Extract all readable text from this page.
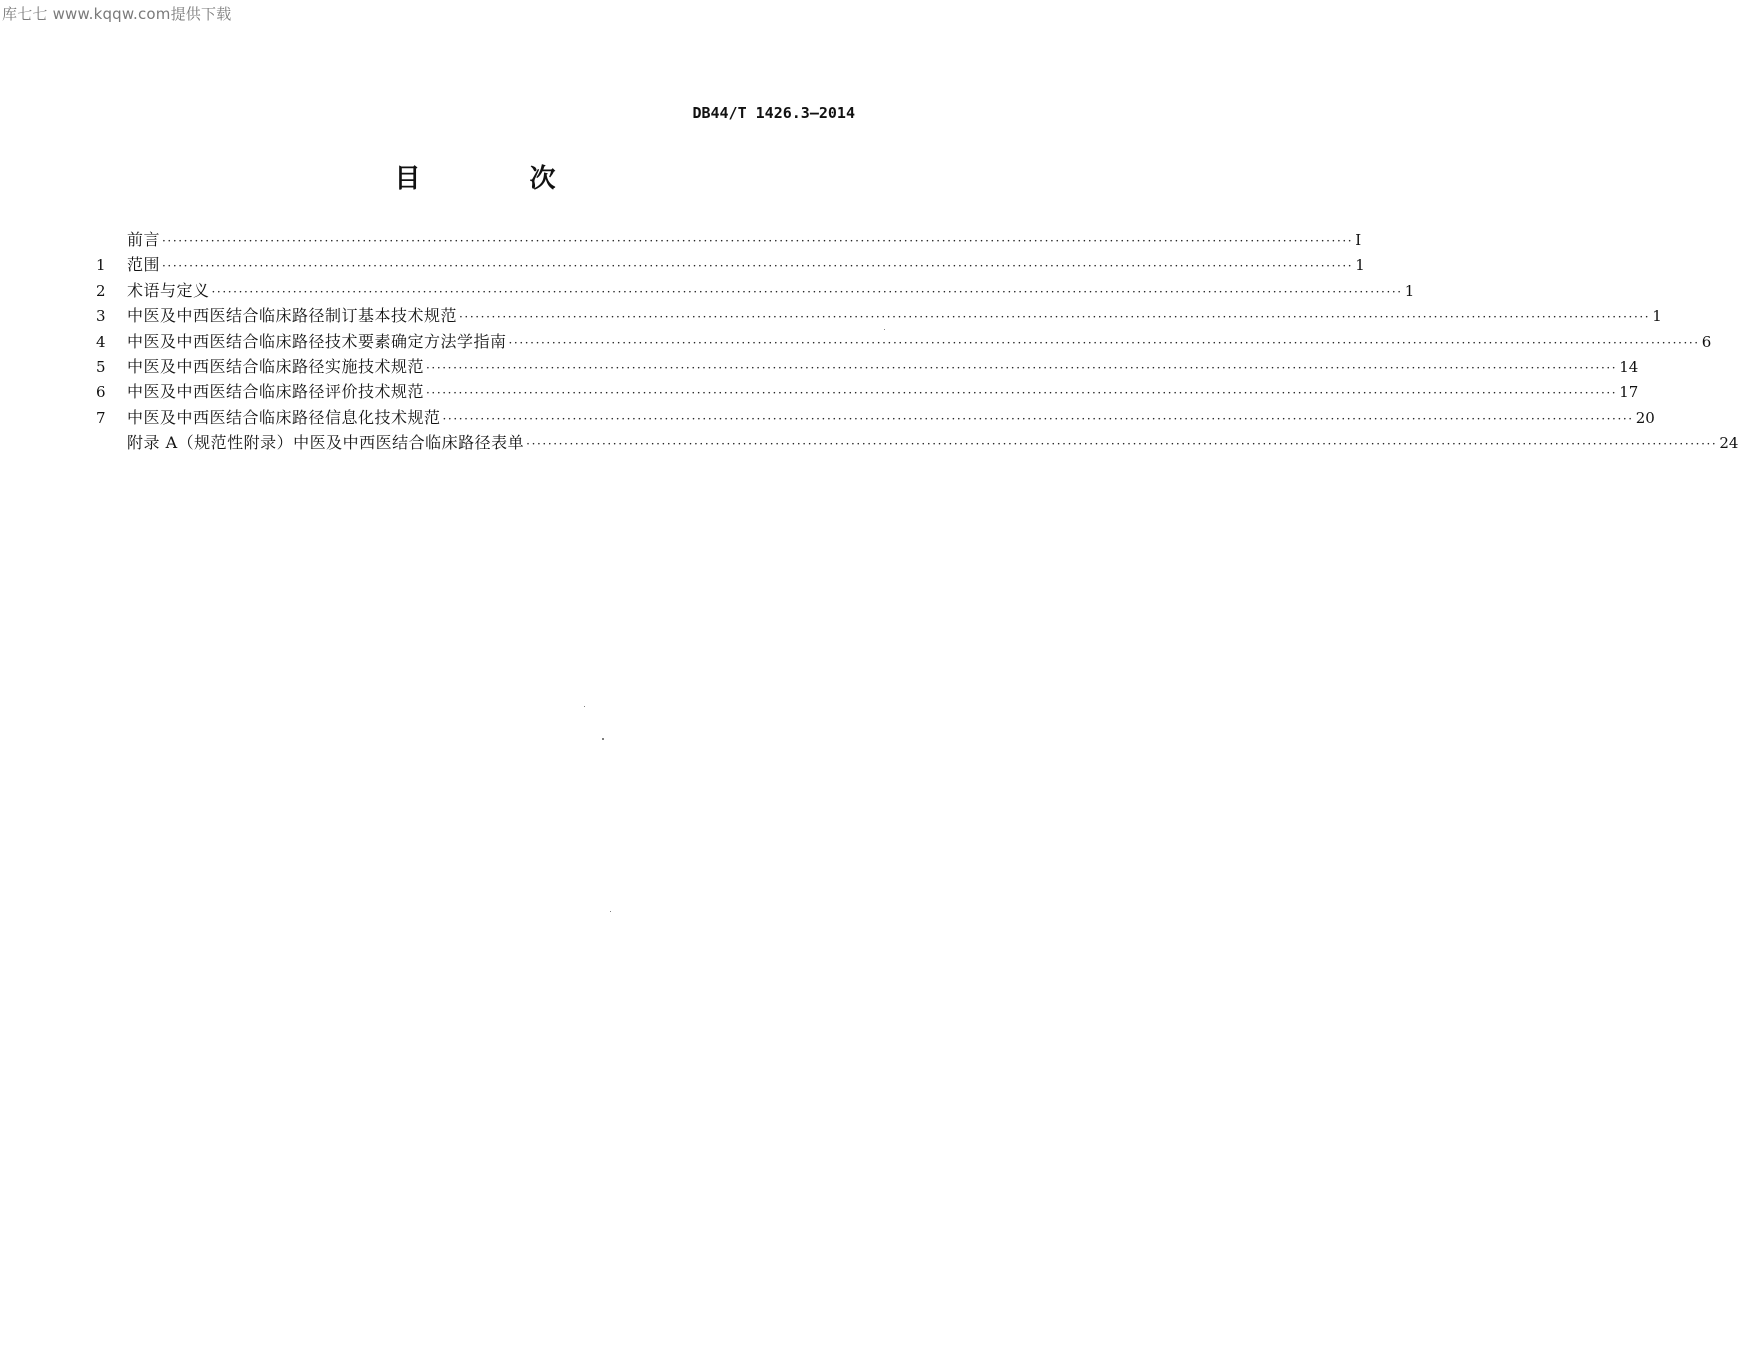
库七七 www.kqqw.com提供下载
DB44/T 1426.3—2014
目 次
前言 ···························································································································································································································· I
1	范围 ···························································································································································································································· 1
2	术语与定义 ···························································································································································································································· 1
3	中医及中西医结合临床路径制订基本技术规范 ···························································································································································································································· 1
4	中医及中西医结合临床路径技术要素确定方法学指南 ···························································································································································································································· 6
5	中医及中西医结合临床路径实施技术规范 ···························································································································································································································· 14
6	中医及中西医结合临床路径评价技术规范 ···························································································································································································································· 17
7	中医及中西医结合临床路径信息化技术规范 ···························································································································································································································· 20
附录 A（规范性附录）中医及中西医结合临床路径表单 ···························································································································································································································· 24
